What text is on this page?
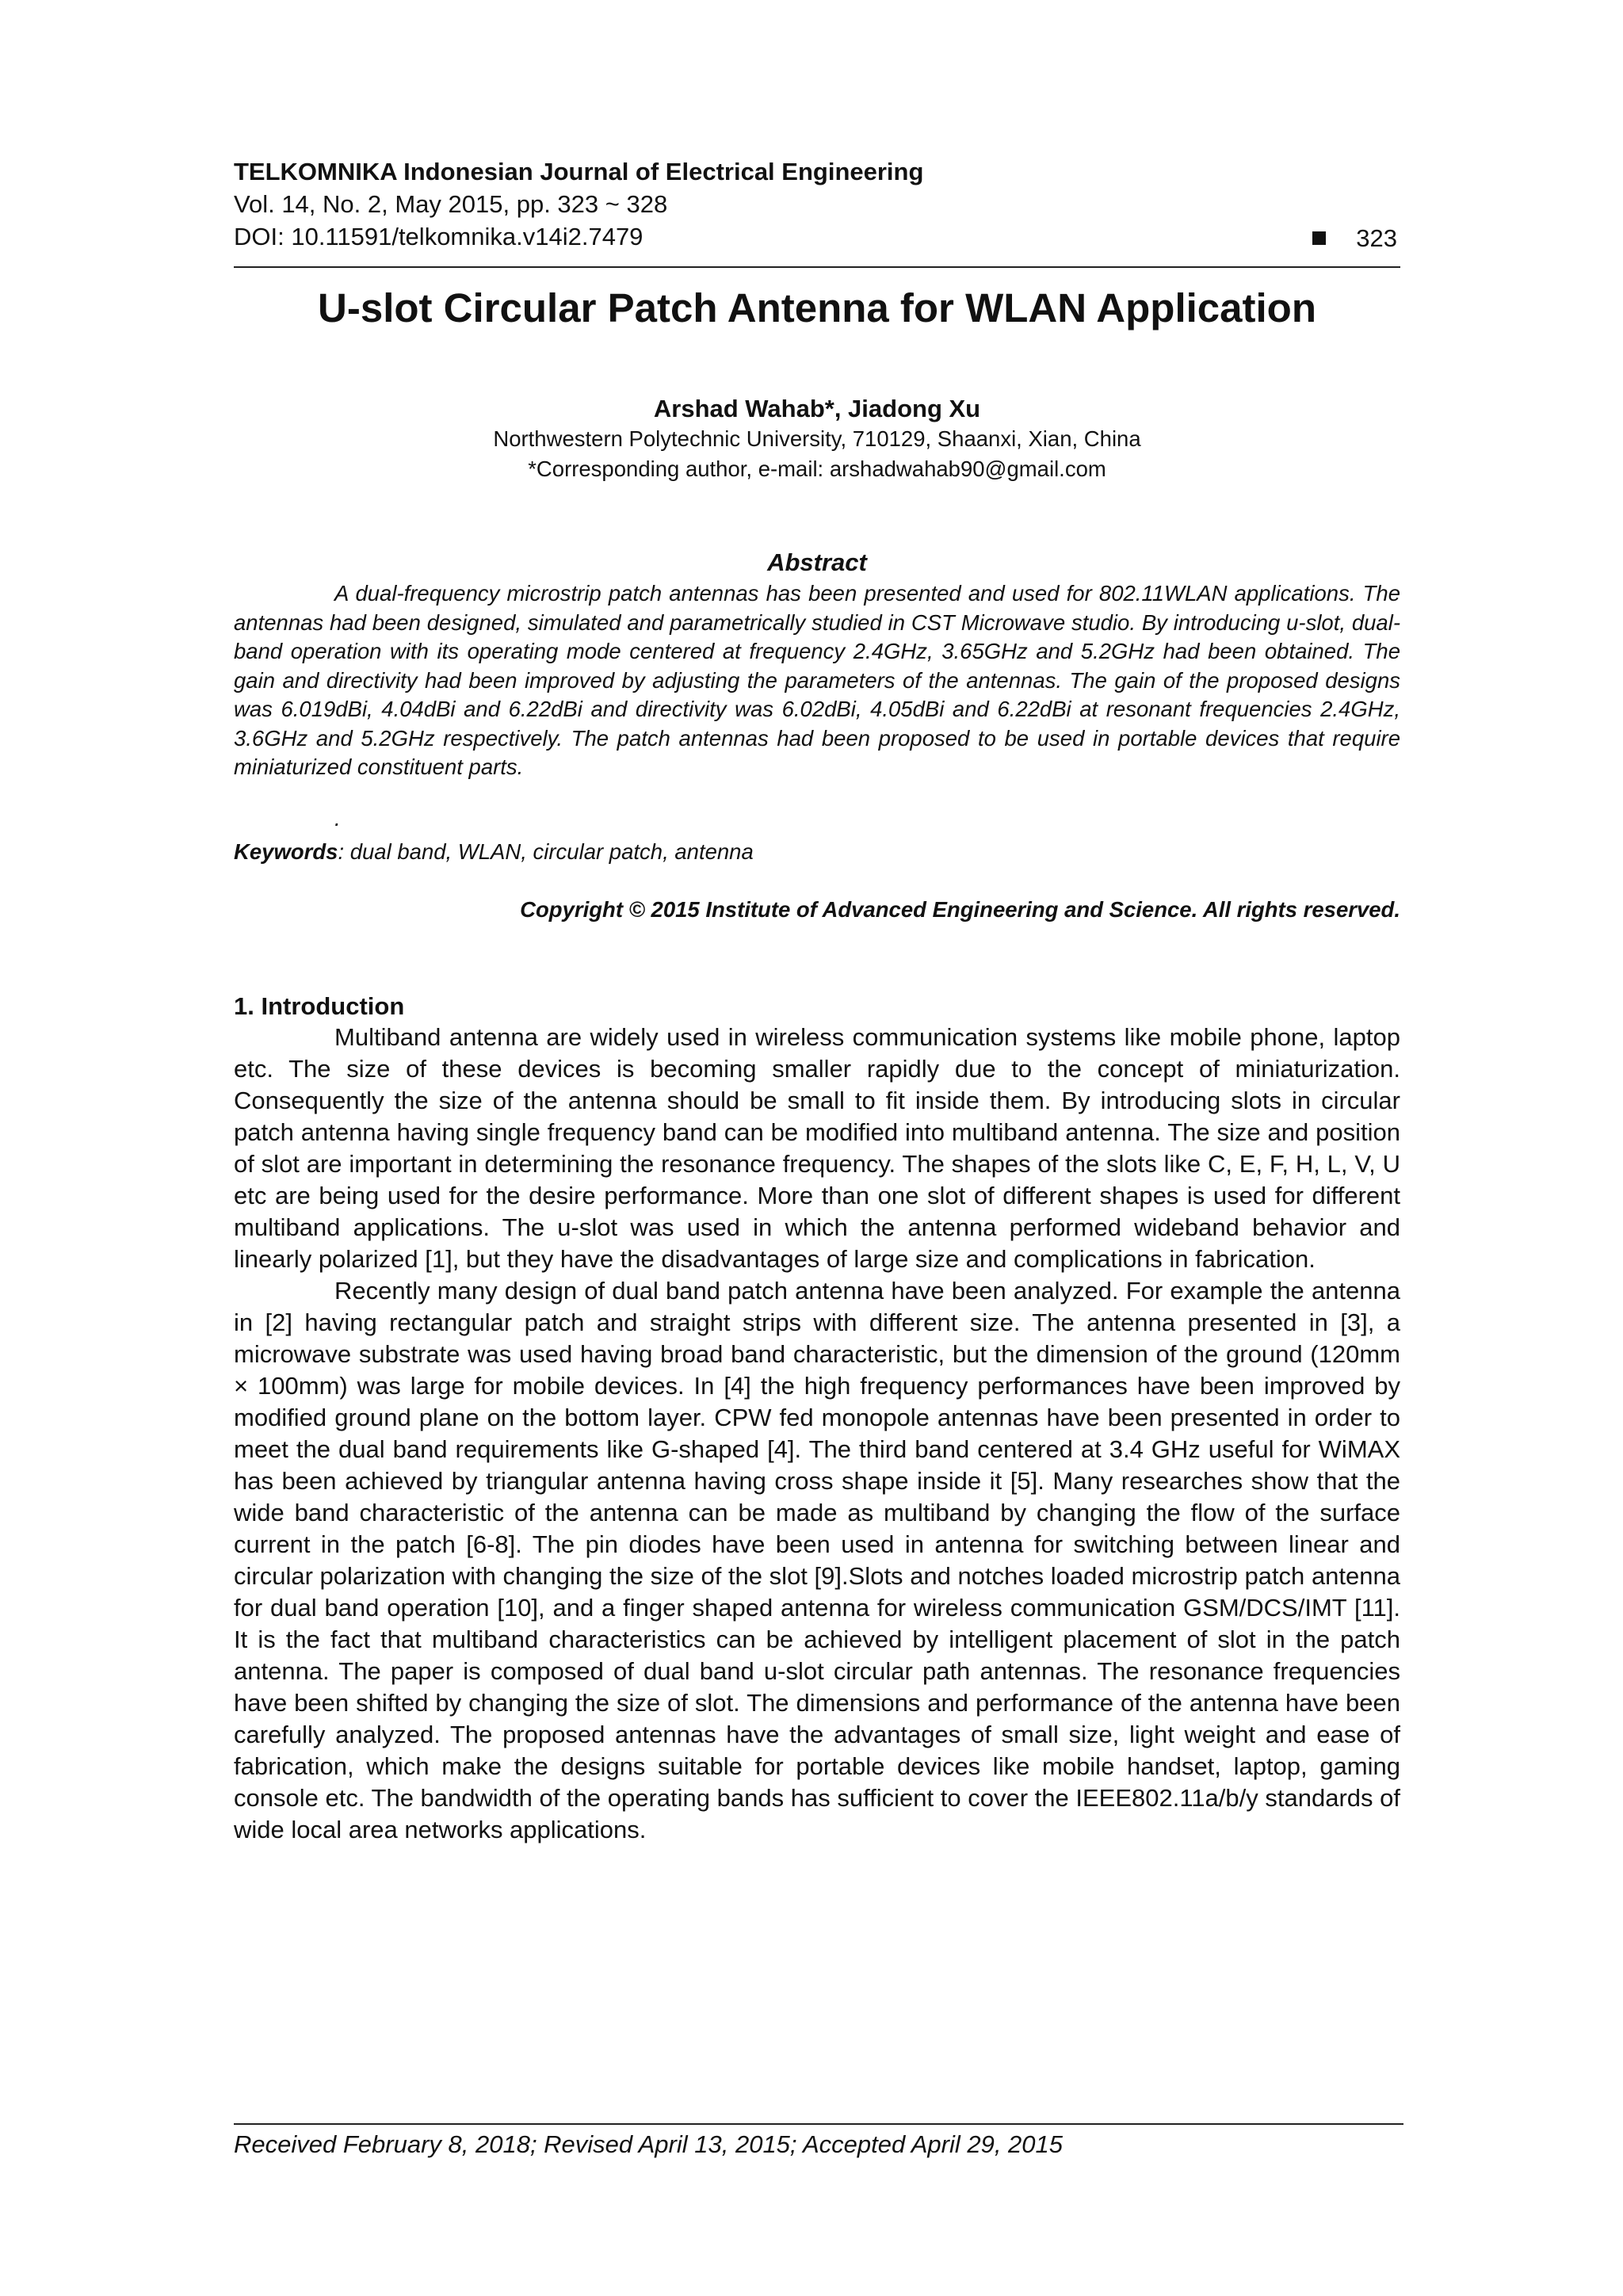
TELKOMNIKA Indonesian Journal of Electrical Engineering
Vol. 14, No. 2, May 2015, pp. 323 ~ 328
DOI: 10.11591/telkomnika.v14i2.7479	323
U-slot Circular Patch Antenna for WLAN Application
Arshad Wahab*, Jiadong Xu
Northwestern Polytechnic University, 710129, Shaanxi, Xian, China
*Corresponding author, e-mail: arshadwahab90@gmail.com
Abstract

A dual-frequency microstrip patch antennas has been presented and used for 802.11WLAN applications. The antennas had been designed, simulated and parametrically studied in CST Microwave studio. By introducing u-slot, dual-band operation with its operating mode centered at frequency 2.4GHz, 3.65GHz and 5.2GHz had been obtained. The gain and directivity had been improved by adjusting the parameters of the antennas. The gain of the proposed designs was 6.019dBi, 4.04dBi and 6.22dBi and directivity was 6.02dBi, 4.05dBi and 6.22dBi at resonant frequencies 2.4GHz, 3.6GHz and 5.2GHz respectively. The patch antennas had been proposed to be used in portable devices that require miniaturized constituent parts.

.
Keywords: dual band, WLAN, circular patch, antenna
Copyright © 2015 Institute of Advanced Engineering and Science. All rights reserved.
1. Introduction

Multiband antenna are widely used in wireless communication systems like mobile phone, laptop etc. The size of these devices is becoming smaller rapidly due to the concept of miniaturization. Consequently the size of the antenna should be small to fit inside them. By introducing slots in circular patch antenna having single frequency band can be modified into multiband antenna. The size and position of slot are important in determining the resonance frequency. The shapes of the slots like C, E, F, H, L, V, U etc are being used for the desire performance. More than one slot of different shapes is used for different multiband applications. The u-slot was used in which the antenna performed wideband behavior and linearly polarized [1], but they have the disadvantages of large size and complications in fabrication.

Recently many design of dual band patch antenna have been analyzed. For example the antenna in [2] having rectangular patch and straight strips with different size. The antenna presented in [3], a microwave substrate was used having broad band characteristic, but the dimension of the ground (120mm × 100mm) was large for mobile devices. In [4] the high frequency performances have been improved by modified ground plane on the bottom layer. CPW fed monopole antennas have been presented in order to meet the dual band requirements like G-shaped [4]. The third band centered at 3.4 GHz useful for WiMAX has been achieved by triangular antenna having cross shape inside it [5]. Many researches show that the wide band characteristic of the antenna can be made as multiband by changing the flow of the surface current in the patch [6-8]. The pin diodes have been used in antenna for switching between linear and circular polarization with changing the size of the slot [9].Slots and notches loaded microstrip patch antenna for dual band operation [10], and a finger shaped antenna for wireless communication GSM/DCS/IMT [11]. It is the fact that multiband characteristics can be achieved by intelligent placement of slot in the patch antenna. The paper is composed of dual band u-slot circular path antennas. The resonance frequencies have been shifted by changing the size of slot. The dimensions and performance of the antenna have been carefully analyzed. The proposed antennas have the advantages of small size, light weight and ease of fabrication, which make the designs suitable for portable devices like mobile handset, laptop, gaming console etc. The bandwidth of the operating bands has sufficient to cover the IEEE802.11a/b/y standards of wide local area networks applications.

Received February 8, 2018; Revised April 13, 2015; Accepted April 29, 2015
